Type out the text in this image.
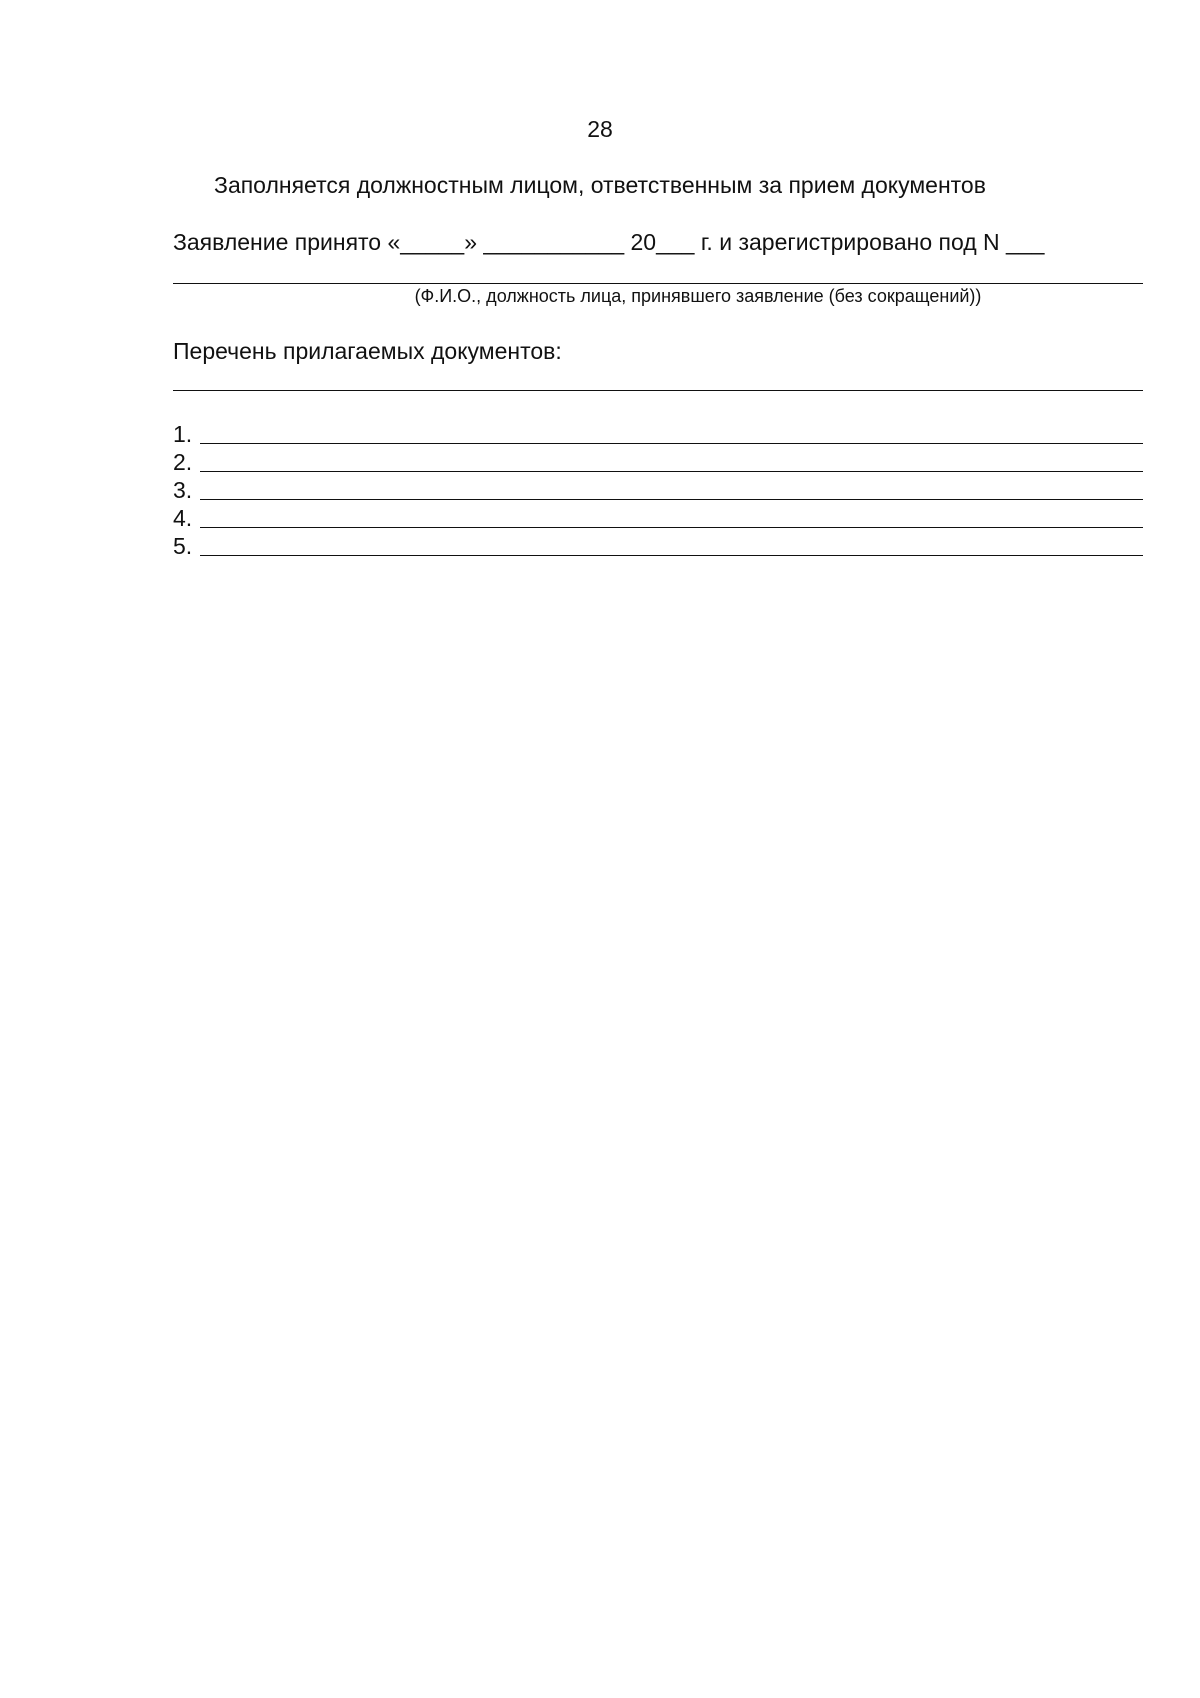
28
Заполняется должностным лицом, ответственным за прием документов
Заявление принято «_____» ___________ 20___ г. и зарегистрировано под N ___
(Ф.И.О., должность лица, принявшего заявление (без сокращений))
Перечень прилагаемых документов:
1.
2.
3.
4.
5.
